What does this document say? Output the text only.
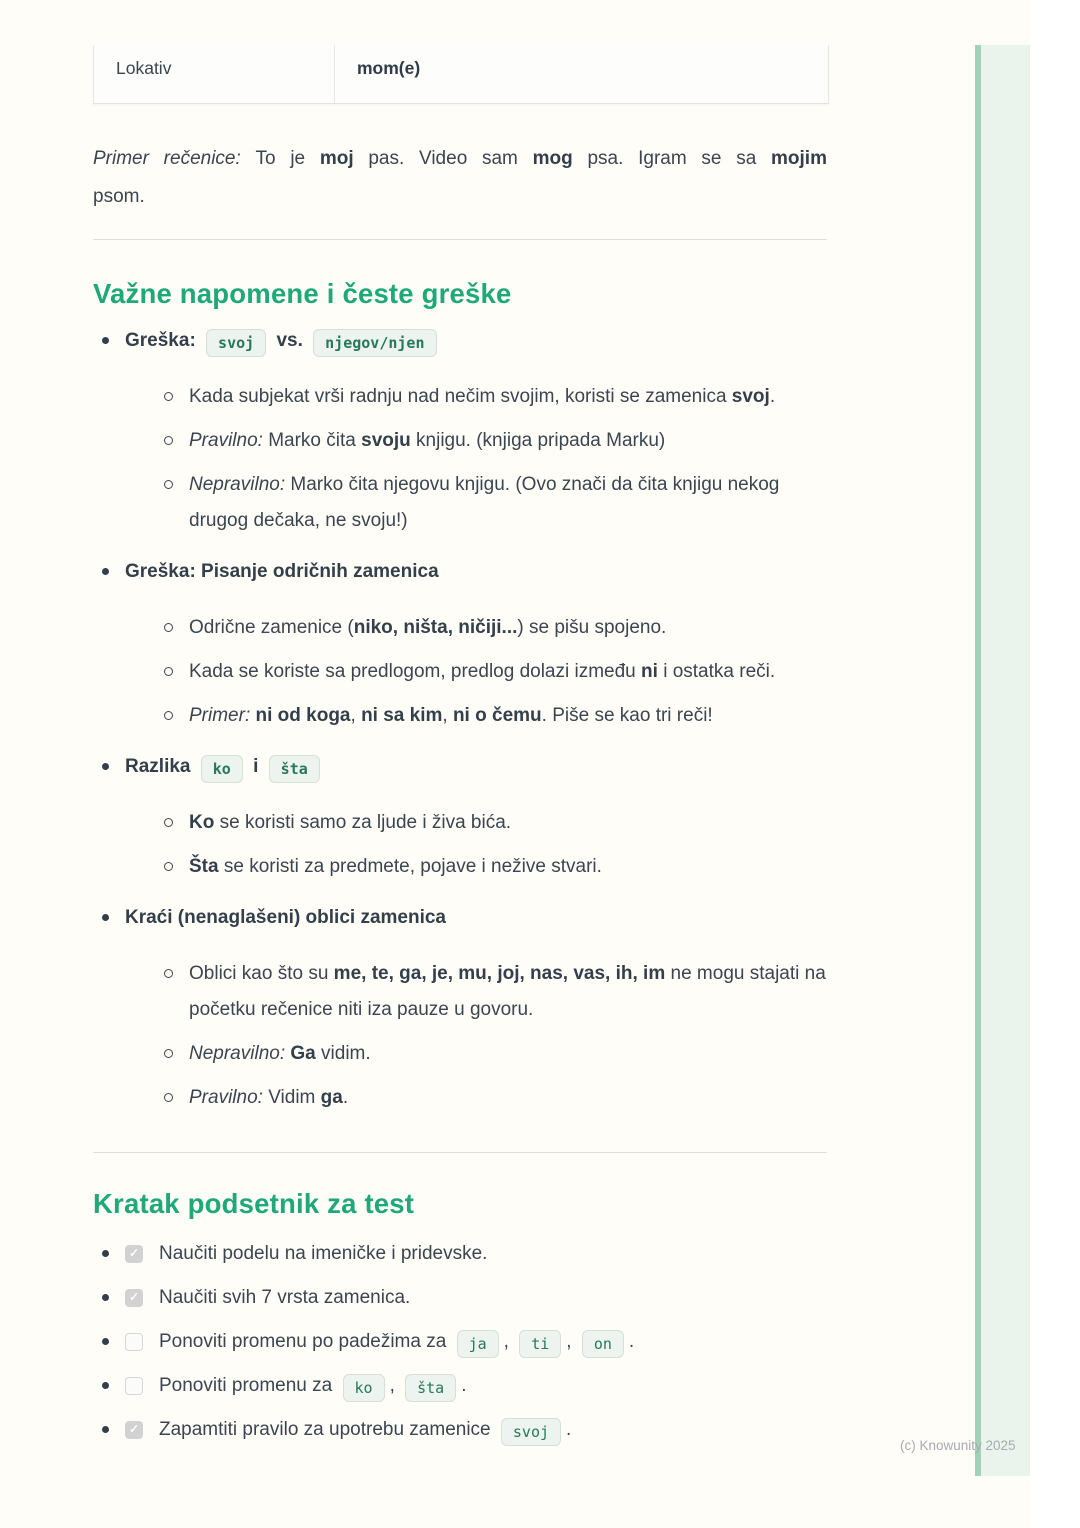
Lokativ	mom(e)

Primer rečenice: To je moj pas. Video sam mog psa. Igram se sa mojim psom.

Važne napomene i česte greške
Greška: svoj vs. njegov/njen
Kada subjekat vrši radnju nad nečim svojim, koristi se zamenica svoj.
Pravilno: Marko čita svoju knjigu. (knjiga pripada Marku)
Nepravilno: Marko čita njegovu knjigu. (Ovo znači da čita knjigu nekog drugog dečaka, ne svoju!)
Greška: Pisanje odričnih zamenica
Odrične zamenice (niko, ništa, ničiji...) se pišu spojeno.
Kada se koriste sa predlogom, predlog dolazi između ni i ostatka reči.
Primer: ni od koga, ni sa kim, ni o čemu. Piše se kao tri reči!
Razlika ko i šta
Ko se koristi samo za ljude i živa bića.
Šta se koristi za predmete, pojave i nežive stvari.
Kraći (nenaglašeni) oblici zamenica
Oblici kao što su me, te, ga, je, mu, joj, nas, vas, ih, im ne mogu stajati na početku rečenice niti iza pauze u govoru.
Nepravilno: Ga vidim.
Pravilno: Vidim ga.
Kratak podsetnik za test
✓ Naučiti podelu na imeničke i pridevske.
✓ Naučiti svih 7 vrsta zamenica.
Ponoviti promenu po padežima za ja , ti , on .
Ponoviti promenu za ko , šta .
✓ Zapamtiti pravilo za upotrebu zamenice svoj .
(c) Knowunity 2025
